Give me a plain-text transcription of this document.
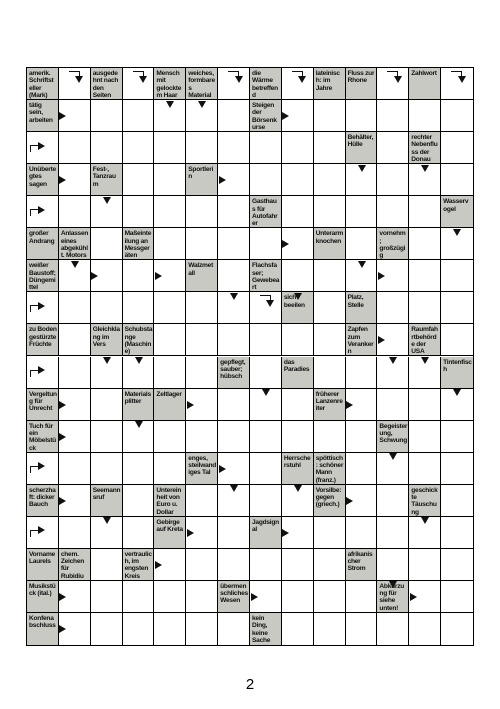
amerik. Schriftsteller (Mark)
ausgedehnt nach den Seiten
Mensch mit gelocktem Haar
weiches, formbares Material
die Wärme betreffend
lateinisch: im Jahre
Fluss zur Rhone
Zahlwort
tätig sein, arbeiten
Steigen der Börsenkurse
Behälter, Hülle
rechter Nebenfluss der Donau
Unübertegtes sagen
Fest-, Tanzraum
Sportlerin
Gasthaus für Autofahrer
Wasservogel
großer Andrang
Anlassen eines abgekühlt. Motors
Maßeinteilung an Messgeräten
Unterarmknochen
vornehm; großzügig
weißer Baustoff; Düngemittel
Walzmetall
Flachsfaser; Gewebeart
sich beeilen
Platz, Stelle
zu Boden gestürzte Früchte
Gleichklang im Vers
Schubstange (Maschine)
Zapfen zum Verankern
Raumfahrtbehörde der USA
gepflegt, sauber; hübsch
das Paradies
Tintenfisch
Vergeltung für Unrecht
Materialsplitter
Zeltlager	früherer Lanzenreiter
Tuch für ein Möbelstück
Begeisterung, Schwung
enges, steilwandiges Tal
Herrscherstuhl
spöttisch: schöner Mann (franz.)
scherzhaft: dicker Bauch
Seemannsruf
Untereinheit von Euro u. Dollar
Vorsilbe: gegen (griech.)
geschickte Täuschung
Gebirge auf Kreta
Jagdsignal
Vorname Laurels
chem. Zeichen für Rubidiu
vertraulich, im engsten Kreis
afrikanischer Strom
Musikstück (ital.)
übermenschliches Wesen
Abkürzung für siehe unten!
Konfenabschluss
kein Ding, keine Sache
2
